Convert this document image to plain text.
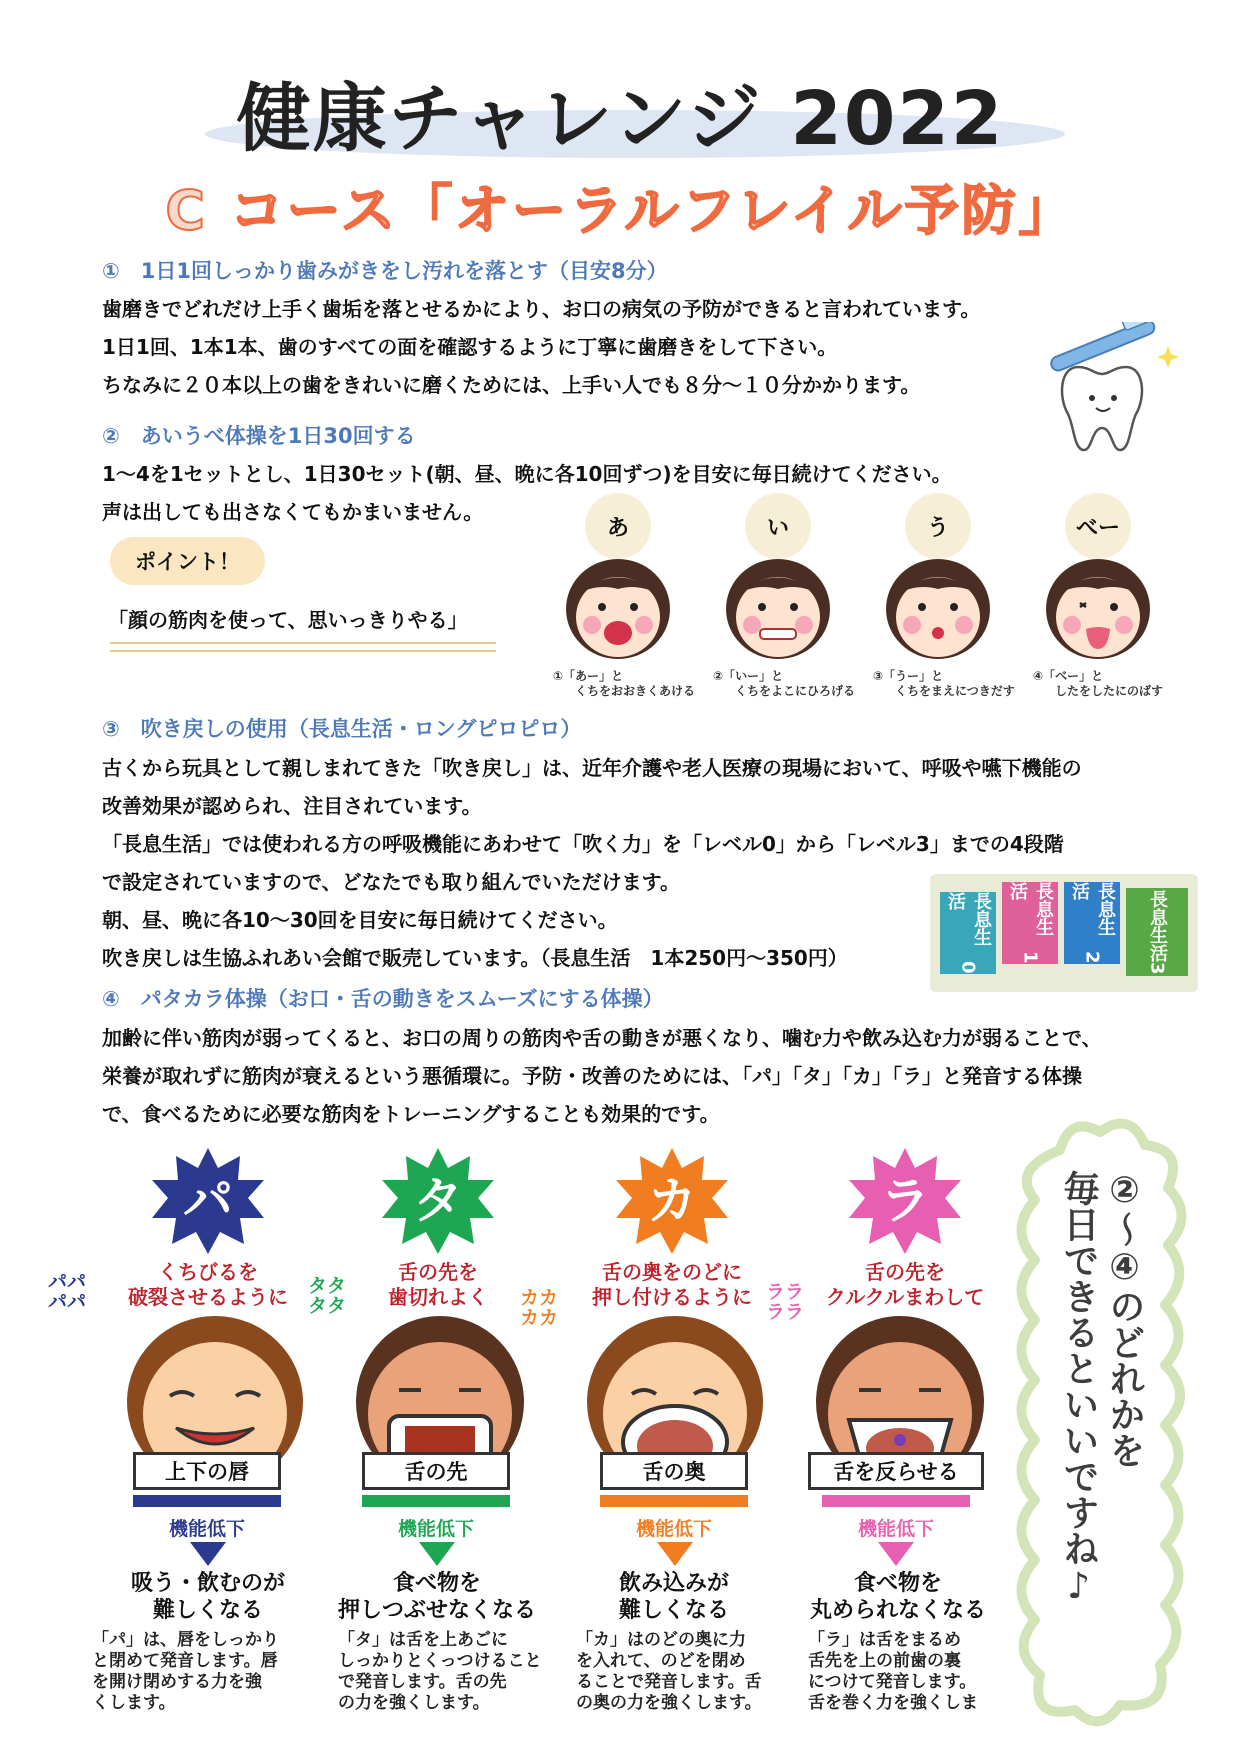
健康チャレンジ 2022
C コース「オーラルフレイル予防」
①　1日1回しっかり歯みがきをし汚れを落とす（目安8分）
歯磨きでどれだけ上手く歯垢を落とせるかにより、お口の病気の予防ができると言われています。
1日1回、1本1本、歯のすべての面を確認するように丁寧に歯磨きをして下さい。
ちなみに２０本以上の歯をきれいに磨くためには、上手い人でも８分～１０分かかります。
②　あいうべ体操を1日30回する
1～4を1セットとし、1日30セット(朝、昼、晩に各10回ずつ)を目安に毎日続けてください。
声は出しても出さなくてもかまいません。
ポイント！
「顔の筋肉を使って、思いっきりやる」
あ	い	う	べー
①「あー」と
くちをおおきくあける
②「いー」と
くちをよこにひろげる
③「うー」と
くちをまえにつきだす
④「べー」と
したをしたにのばす
③　吹き戻しの使用（長息生活・ロングピロピロ）
古くから玩具として親しまれてきた「吹き戻し」は、近年介護や老人医療の現場において、呼吸や嚥下機能の
改善効果が認められ、注目されています。
「長息生活」では使われる方の呼吸機能にあわせて「吹く力」を「レベル0」から「レベル3」までの4段階
で設定されていますので、どなたでも取り組んでいただけます。
朝、昼、晩に各10～30回を目安に毎日続けてください。
吹き戻しは生協ふれあい会館で販売しています。（長息生活　1本250円～350円）
長息生活
0
長息生活
1
長息生活
2 長息生活
3
④　パタカラ体操（お口・舌の動きをスムーズにする体操）
加齢に伴い筋肉が弱ってくると、お口の周りの筋肉や舌の動きが悪くなり、噛む力や飲み込む力が弱ることで、
栄養が取れずに筋肉が衰えるという悪循環に。予防・改善のためには、「パ」「タ」「カ」「ラ」と発音する体操
で、食べるために必要な筋肉をトレーニングすることも効果的です。
パ
くちびるを
破裂させるように
パパ
パパ
タ
舌の先を
歯切れよく
タタ
タタ
カ
舌の奥をのどに
押し付けるように
カカ
カカ
ラ
舌の先を
クルクルまわして
ララ
ララ
上下の唇
機能低下
舌の先
機能低下
舌の奥
機能低下
舌を反らせる
機能低下
吸う・飲むのが
難しくなる
食べ物を
押しつぶせなくなる
飲み込みが
難しくなる
食べ物を
丸められなくなる
「パ」は、唇をしっかり
と閉めて発音します。唇
を開け閉めする力を強
くします。
「タ」は舌を上あごに
しっかりとくっつけること
で発音します。舌の先
の力を強くします。
「カ」はのどの奥に力
を入れて、のどを閉め
ることで発音します。舌
の奥の力を強くします。
「ラ」は舌をまるめ
舌先を上の前歯の裏
につけて発音します。
舌を巻く力を強くしま
②～④のどれかを
毎日できるといいですね♪
